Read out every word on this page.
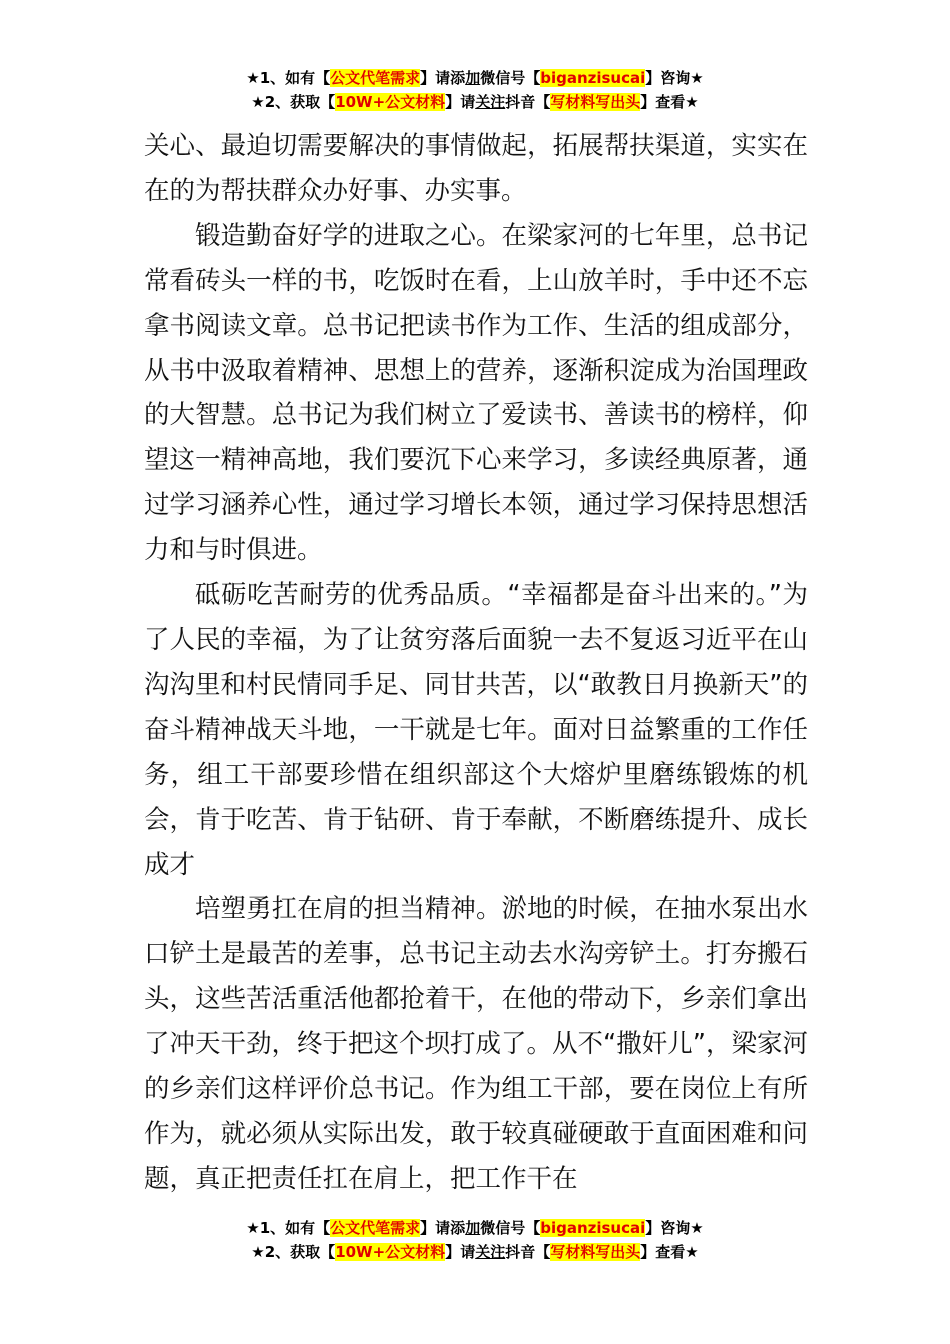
★1、如有【公文代笔需求】请添加微信号【biganzisucai】咨询★
★2、获取【10W+公文材料】请关注抖音【写材料写出头】查看★

关心、最迫切需要解决的事情做起，拓展帮扶渠道，实实在在的为帮扶群众办好事、办实事。

锻造勤奋好学的进取之心。在梁家河的七年里，总书记常看砖头一样的书，吃饭时在看，上山放羊时，手中还不忘拿书阅读文章。总书记把读书作为工作、生活的组成部分，从书中汲取着精神、思想上的营养，逐渐积淀成为治国理政的大智慧。总书记为我们树立了爱读书、善读书的榜样，仰望这一精神高地，我们要沉下心来学习，多读经典原著，通过学习涵养心性，通过学习增长本领，通过学习保持思想活力和与时俱进。

砥砺吃苦耐劳的优秀品质。“幸福都是奋斗出来的。”为了人民的幸福，为了让贫穷落后面貌一去不复返习近平在山沟沟里和村民情同手足、同甘共苦，以“敢教日月换新天”的奋斗精神战天斗地，一干就是七年。面对日益繁重的工作任务，组工干部要珍惜在组织部这个大熔炉里磨练锻炼的机会，肯于吃苦、肯于钻研、肯于奉献，不断磨练提升、成长成才

培塑勇扛在肩的担当精神。淤地的时候，在抽水泵出水口铲土是最苦的差事，总书记主动去水沟旁铲土。打夯搬石头，这些苦活重活他都抢着干，在他的带动下，乡亲们拿出了冲天干劲，终于把这个坝打成了。从不“撒奸儿”，梁家河的乡亲们这样评价总书记。作为组工干部，要在岗位上有所作为，就必须从实际出发，敢于较真碰硬敢于直面困难和问题，真正把责任扛在肩上，把工作干在

★1、如有【公文代笔需求】请添加微信号【biganzisucai】咨询★
★2、获取【10W+公文材料】请关注抖音【写材料写出头】查看★
